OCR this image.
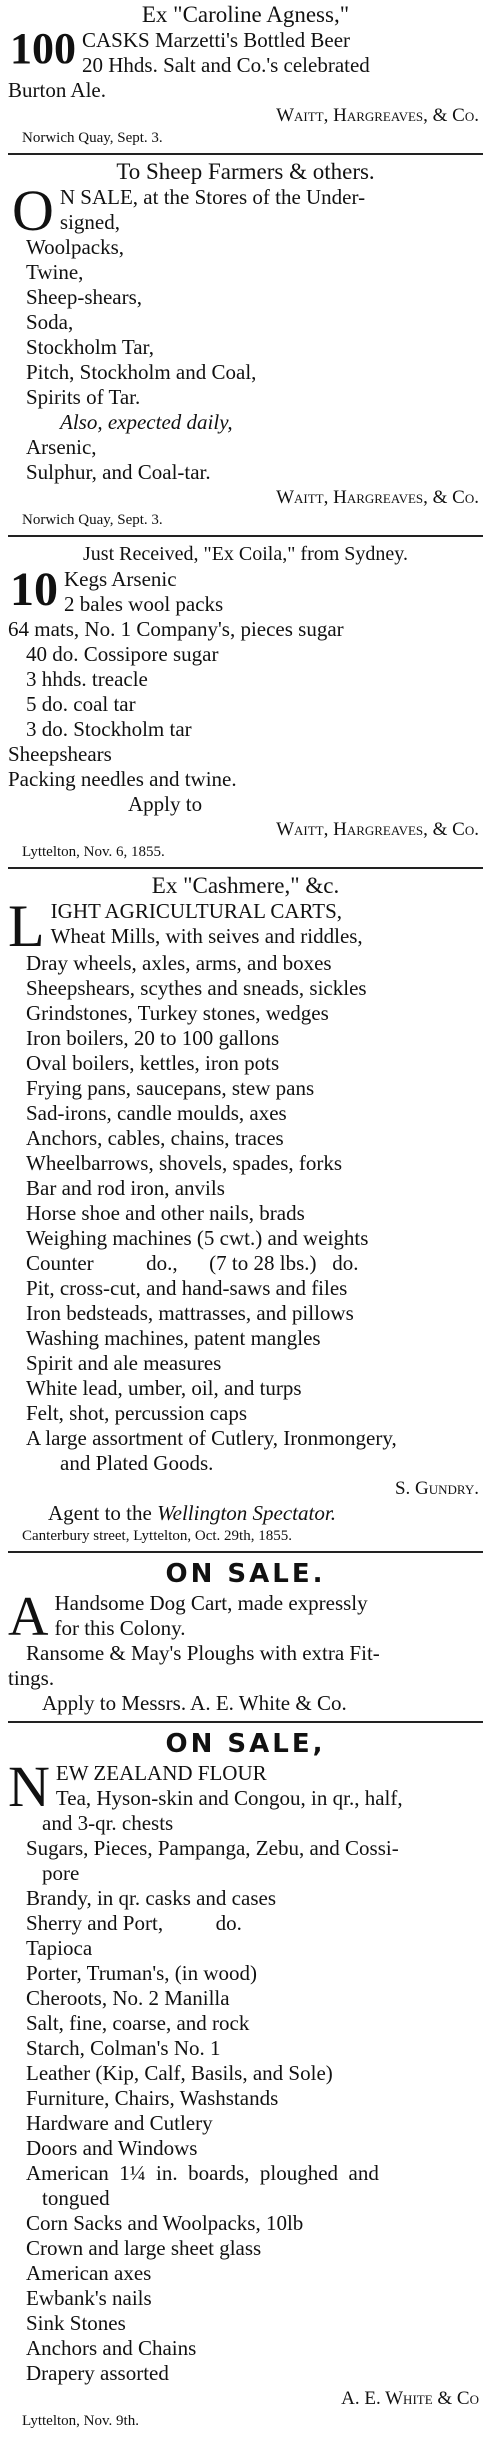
Ex "Caroline Agness,"
100 CASKS Marzetti's Bottled Beer
20 Hhds. Salt and Co.'s celebrated
Burton Ale.
Waitt, Hargreaves, & Co.
Norwich Quay, Sept. 3.
To Sheep Farmers & others.
O N SALE, at the Stores of the Under-
signed,
Woolpacks,
Twine,
Sheep-shears,
Soda,
Stockholm Tar,
Pitch, Stockholm and Coal,
Spirits of Tar.
Also, expected daily,
Arsenic,
Sulphur, and Coal-tar.
Waitt, Hargreaves, & Co.
Norwich Quay, Sept. 3.
Just Received, "Ex Coila," from Sydney.
10 Kegs Arsenic
2 bales wool packs
64 mats, No. 1 Company's, pieces sugar
40 do. Cossipore sugar
3 hhds. treacle
5 do. coal tar
3 do. Stockholm tar
Sheepshears
Packing needles and twine.
Apply to
Waitt, Hargreaves, & Co.
Lyttelton, Nov. 6, 1855.
Ex "Cashmere," &c.
L IGHT AGRICULTURAL CARTS,
Wheat Mills, with seives and riddles,
Dray wheels, axles, arms, and boxes
Sheepshears, scythes and sneads, sickles
Grindstones, Turkey stones, wedges
Iron boilers, 20 to 100 gallons
Oval boilers, kettles, iron pots
Frying pans, saucepans, stew pans
Sad-irons, candle moulds, axes
Anchors, cables, chains, traces
Wheelbarrows, shovels, spades, forks
Bar and rod iron, anvils
Horse shoe and other nails, brads
Weighing machines (5 cwt.) and weights
Counter          do.,      (7 to 28 lbs.)   do.
Pit, cross-cut, and hand-saws and files
Iron bedsteads, mattrasses, and pillows
Washing machines, patent mangles
Spirit and ale measures
White lead, umber, oil, and turps
Felt, shot, percussion caps
A large assortment of Cutlery, Ironmongery,
and Plated Goods.
S. Gundry.
Agent to the Wellington Spectator.
Canterbury street, Lyttelton, Oct. 29th, 1855.
ON SALE.
A Handsome Dog Cart, made expressly
for this Colony.
Ransome & May's Ploughs with extra Fit-
tings.
Apply to Messrs. A. E. White & Co.
ON SALE,
N EW ZEALAND FLOUR
Tea, Hyson-skin and Congou, in qr., half,
and 3-qr. chests
Sugars, Pieces, Pampanga, Zebu, and Cossi-
pore
Brandy, in qr. casks and cases
Sherry and Port,          do.
Tapioca
Porter, Truman's, (in wood)
Cheroots, No. 2 Manilla
Salt, fine, coarse, and rock
Starch, Colman's No. 1
Leather (Kip, Calf, Basils, and Sole)
Furniture, Chairs, Washstands
Hardware and Cutlery
Doors and Windows
American  1¼  in.  boards,  ploughed  and
tongued
Corn Sacks and Woolpacks, 10lb
Crown and large sheet glass
American axes
Ewbank's nails
Sink Stones
Anchors and Chains
Drapery assorted
A. E. White & Co
Lyttelton, Nov. 9th.
